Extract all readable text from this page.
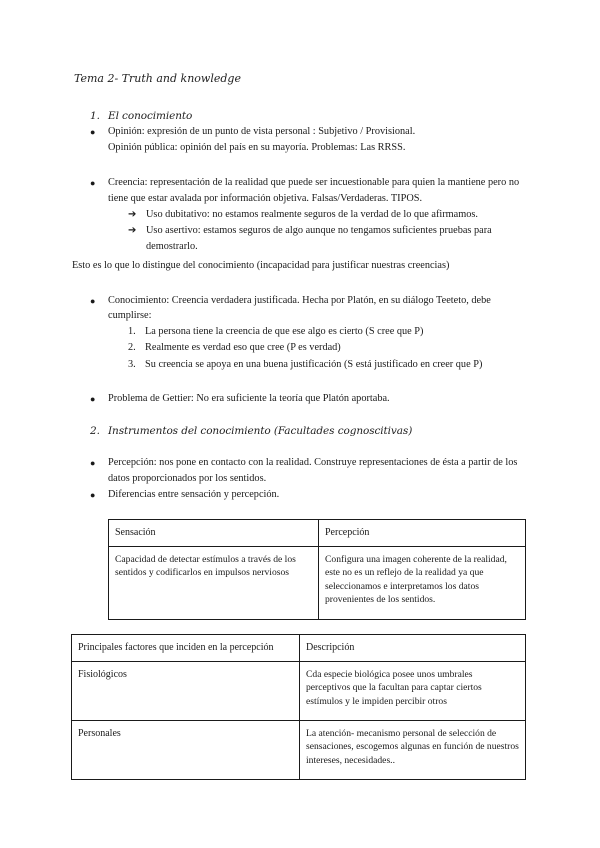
Tema 2- Truth and knowledge
1. El conocimiento
● Opinión: expresión de un punto de vista personal : Subjetivo / Provisional.
Opinión pública: opinión del país en su mayoría. Problemas: Las RRSS.
● Creencia: representación de la realidad que puede ser incuestionable para quien la mantiene pero no
tiene que estar avalada por información objetiva. Falsas/Verdaderas. TIPOS.
➔ Uso dubitativo: no estamos realmente seguros de la verdad de lo que afirmamos.
➔ Uso asertivo: estamos seguros de algo aunque no tengamos suficientes pruebas para
demostrarlo.
Esto es lo que lo distingue del conocimiento (incapacidad para justificar nuestras creencias)
● Conocimiento: Creencia verdadera justificada. Hecha por Platón, en su diálogo Teeteto, debe
cumplirse:
1. La persona tiene la creencia de que ese algo es cierto (S cree que P)
2. Realmente es verdad eso que cree (P es verdad)
3. Su creencia se apoya en una buena justificación (S está justificado en creer que P)
● Problema de Gettier: No era suficiente la teoría que Platón aportaba.
2. Instrumentos del conocimiento (Facultades cognoscitivas)
● Percepción: nos pone en contacto con la realidad. Construye representaciones de ésta a partir de los
datos proporcionados por los sentidos.
● Diferencias entre sensación y percepción.
Sensación	Percepción
Capacidad de detectar estímulos a través de los sentidos y codificarlos en impulsos nerviosos	Configura una imagen coherente de la realidad, este no es un reflejo de la realidad ya que seleccionamos e interpretamos los datos provenientes de los sentidos.
Principales factores que inciden en la percepción	Descripción
Fisiológicos	Cda especie biológica posee unos umbrales perceptivos que la facultan para captar ciertos estímulos y le impiden percibir otros
Personales	La atención- mecanismo personal de selección de sensaciones, escogemos algunas en función de nuestros intereses, necesidades..
